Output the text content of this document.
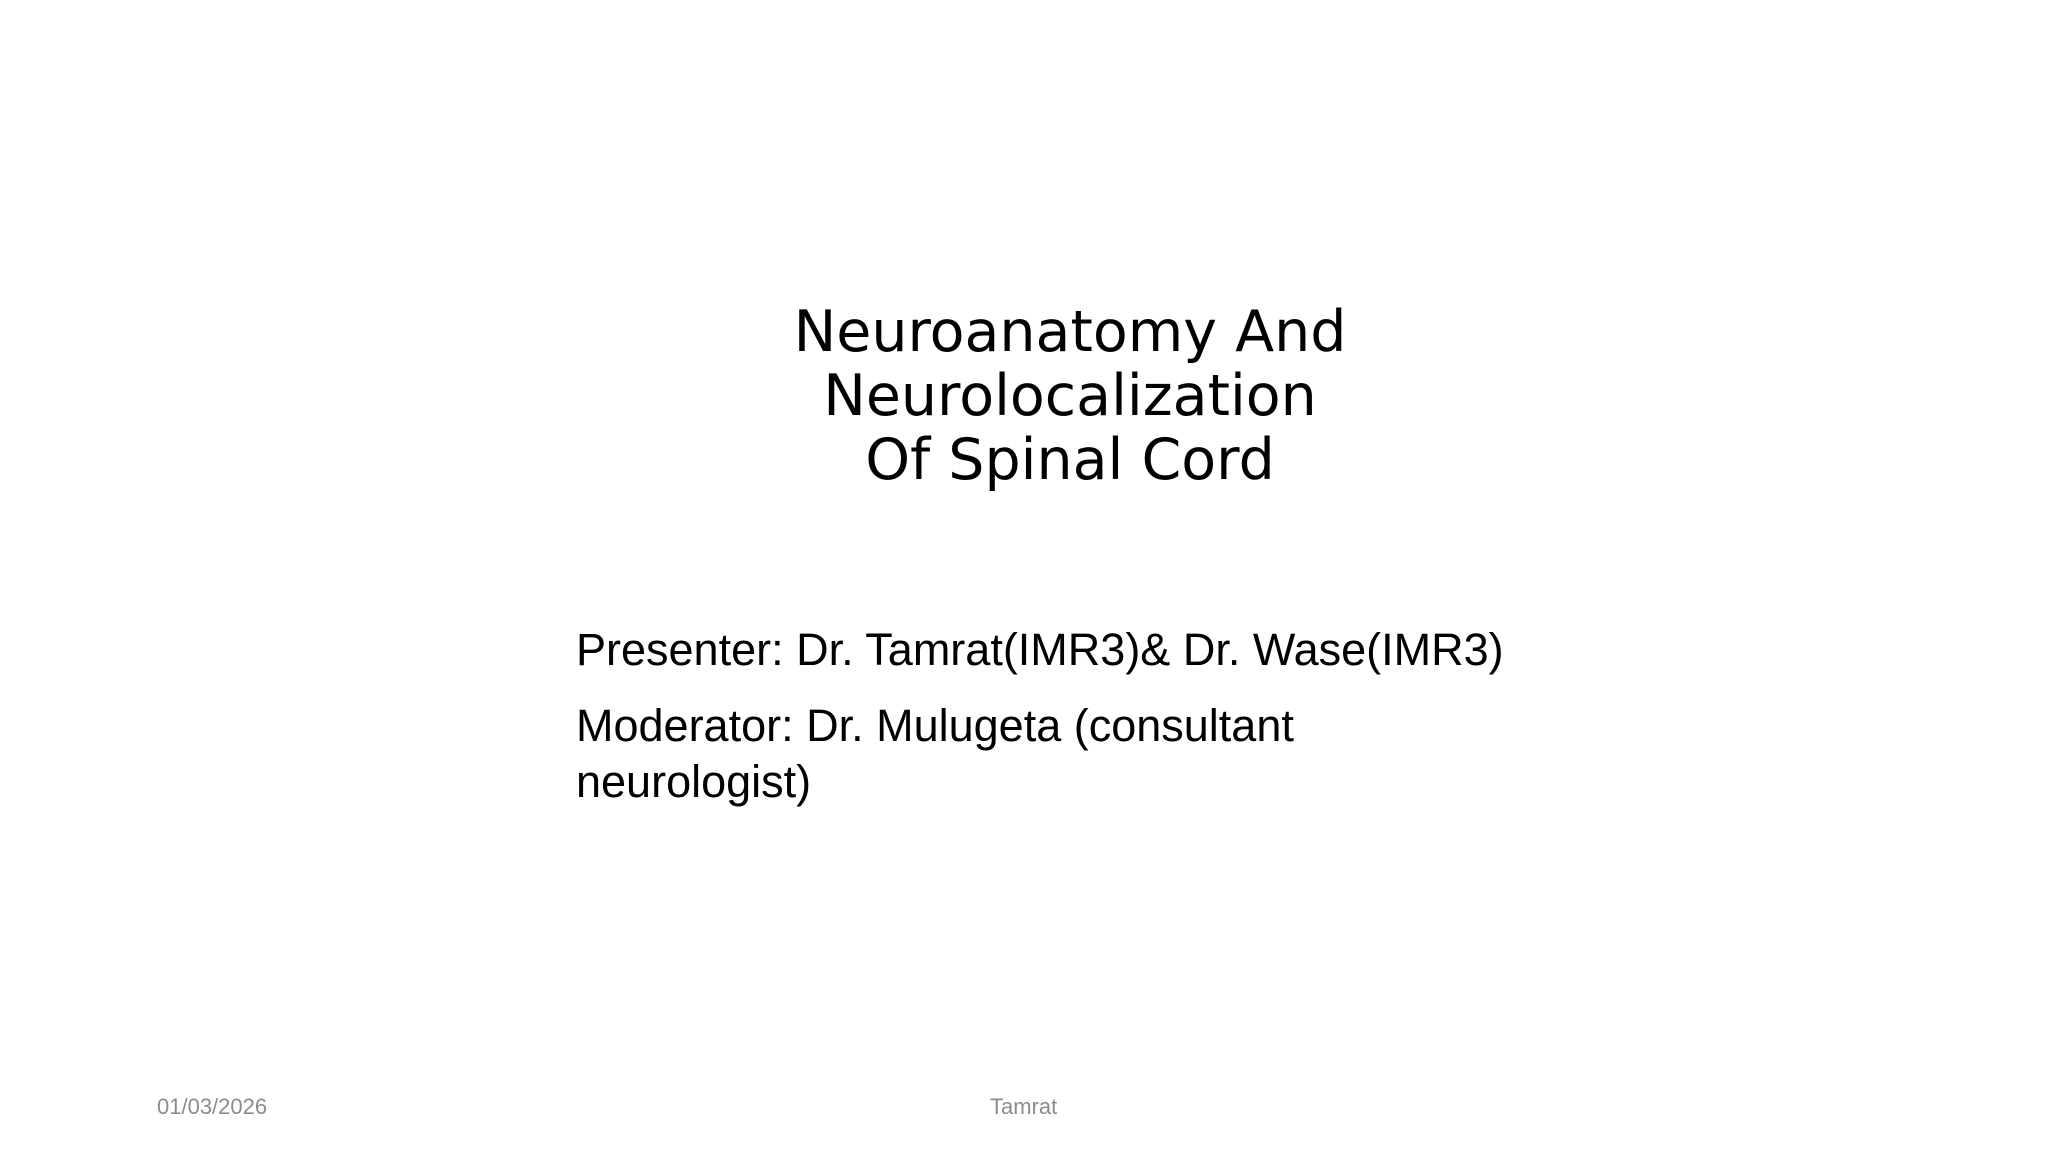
Neuroanatomy And
Neurolocalization
Of Spinal Cord

Presenter: Dr. Tamrat(IMR3)& Dr. Wase(IMR3)

Moderator: Dr. Mulugeta (consultant neurologist)

01/03/2026	Tamrat
